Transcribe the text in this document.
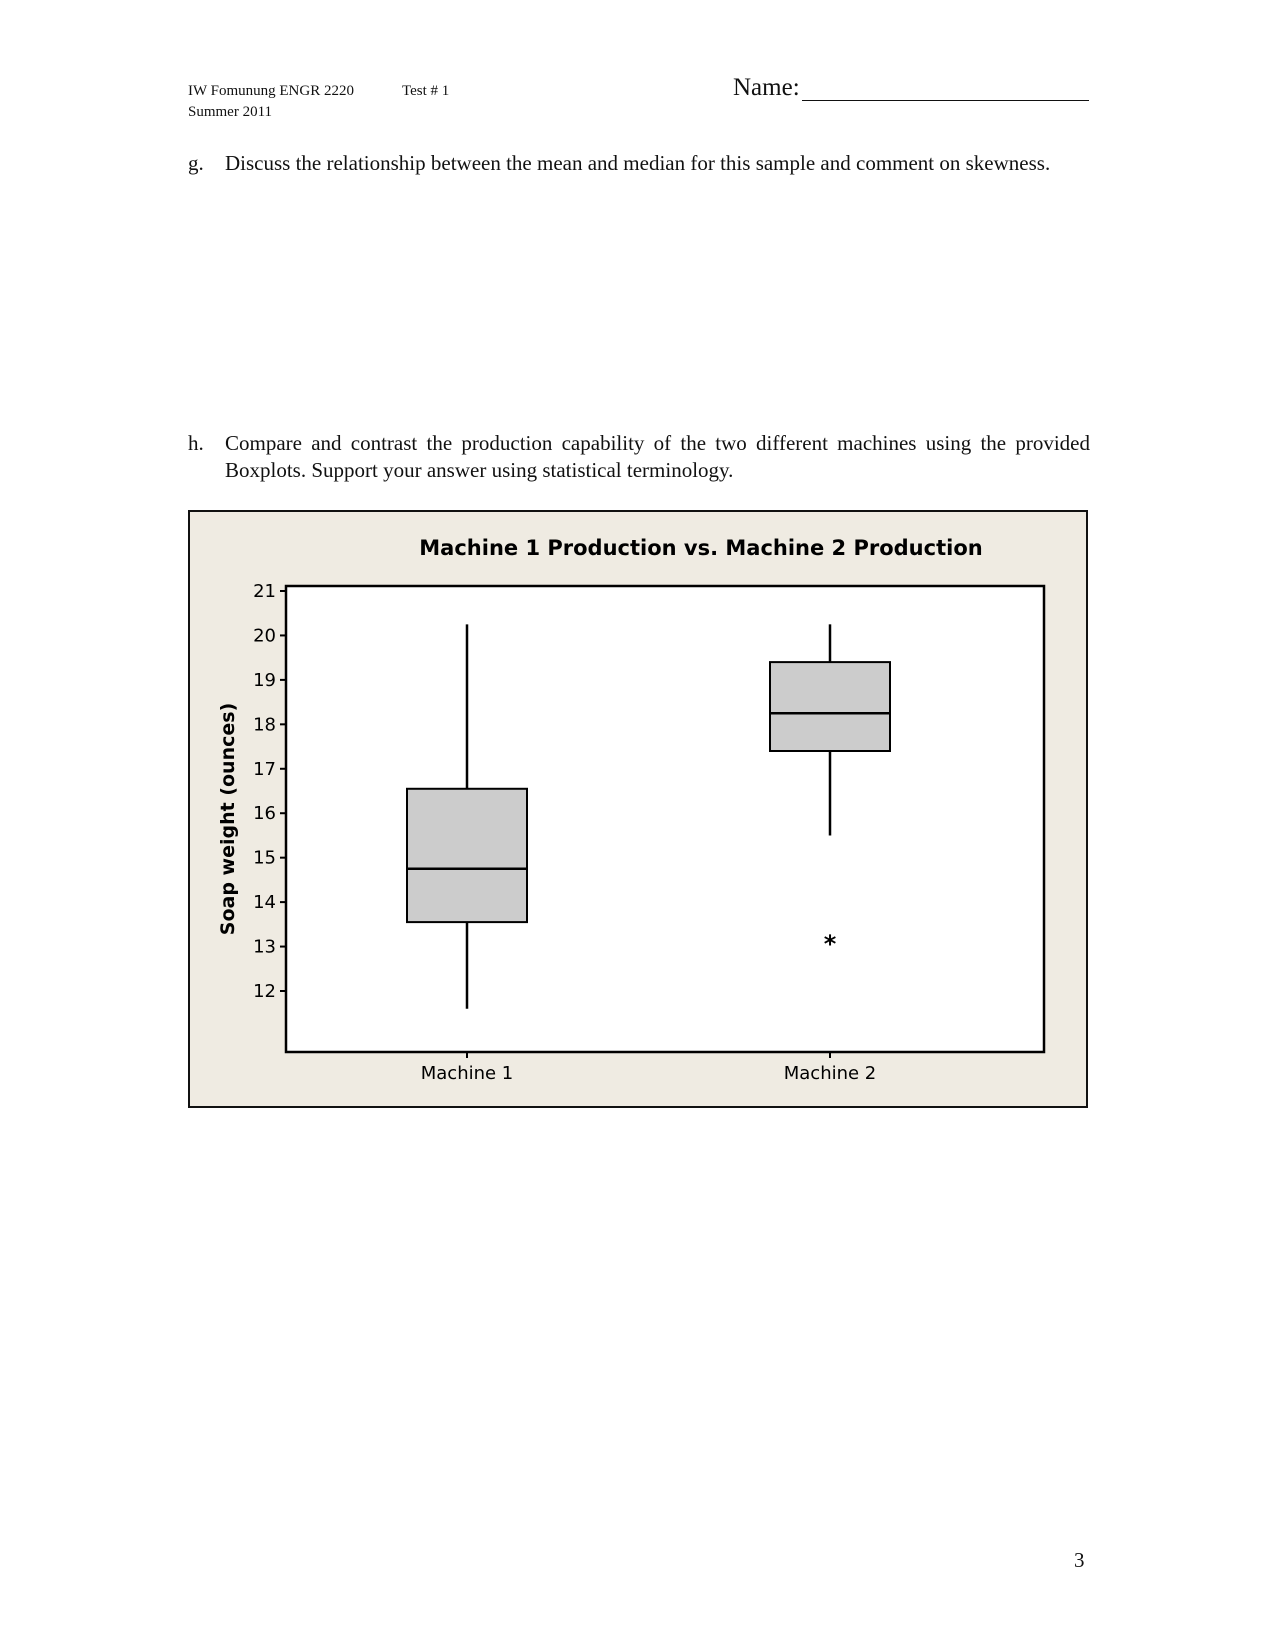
IW Fomunung ENGR 2220	Test # 1
Summer 2011
Name:
g. Discuss the relationship between the mean and median for this sample and comment on skewness.
h. Compare and contrast the production capability of the two different machines using the provided Boxplots. Support your answer using statistical terminology.
Machine 1 Production vs. Machine 2 Production
12
13
14
15
16
17
18
19
20
21
Machine 1	Machine 2
*
Soap weight (ounces)
3
